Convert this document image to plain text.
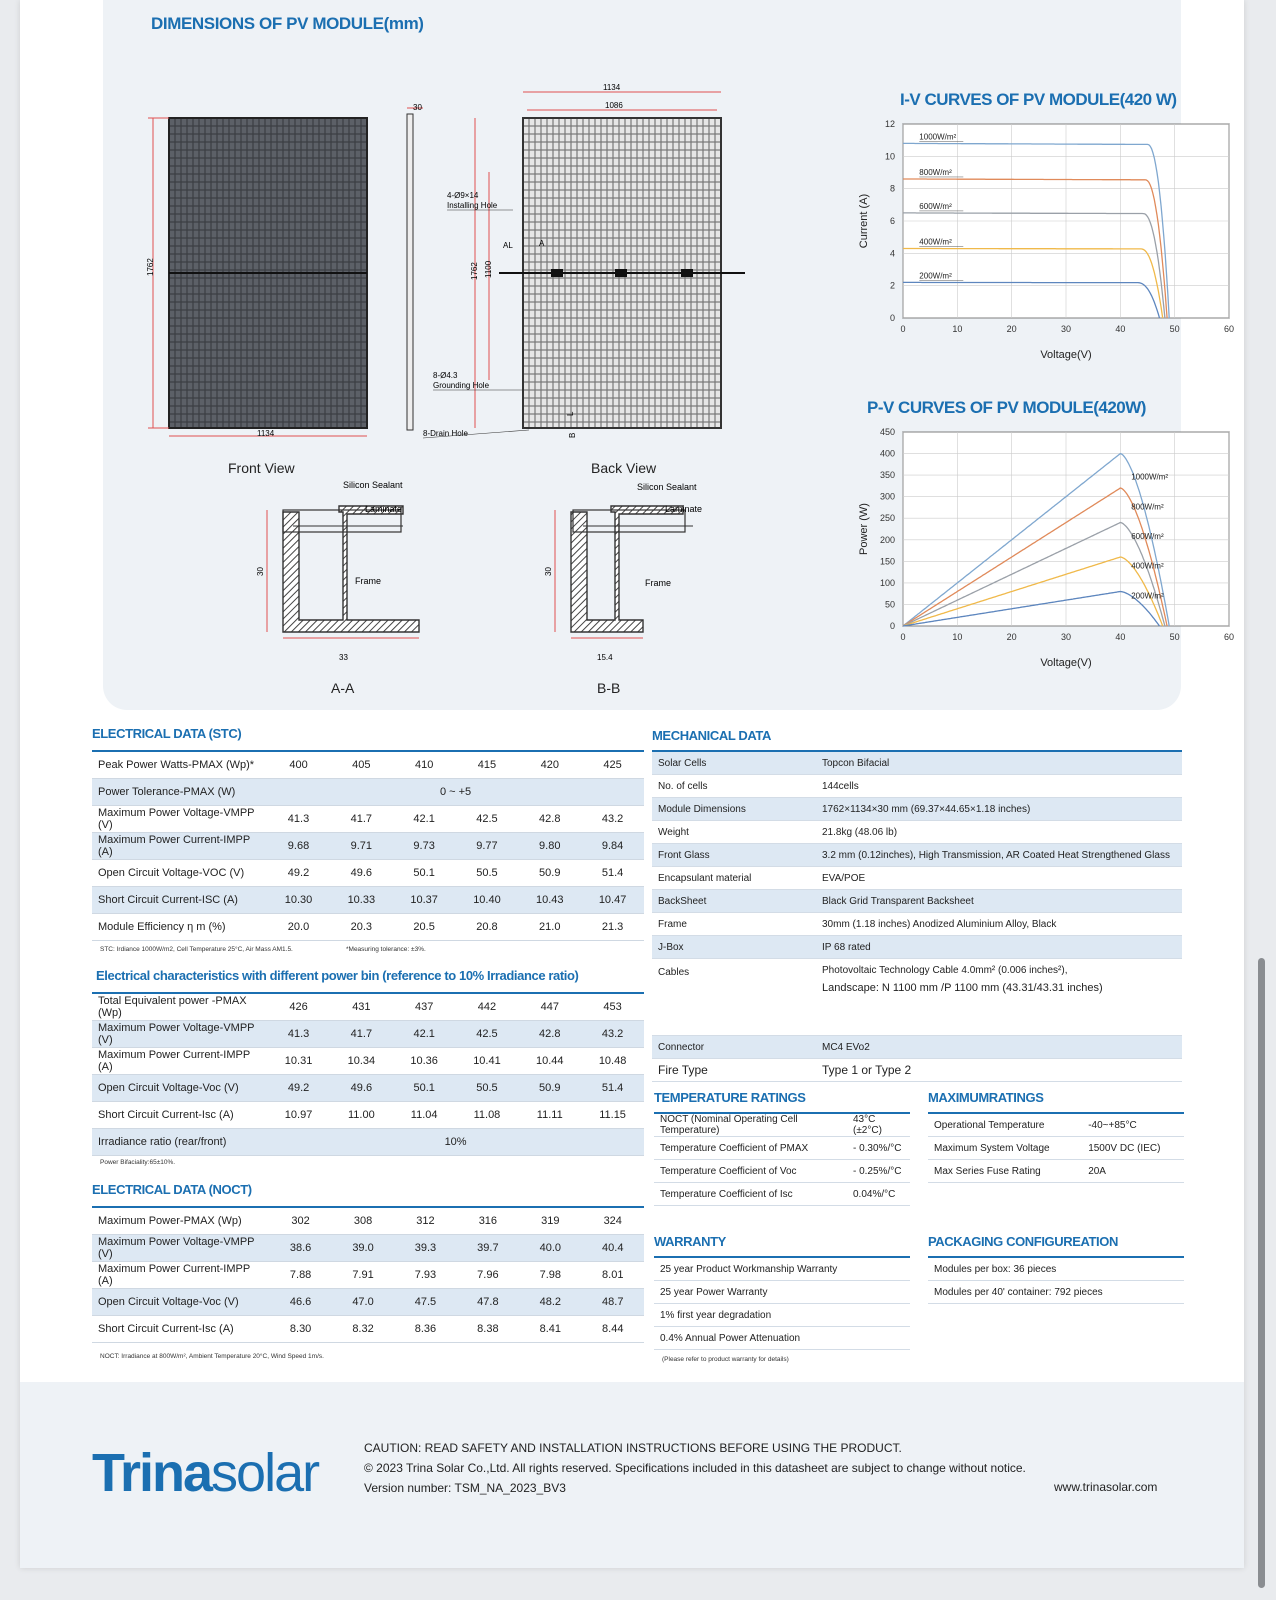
DIMENSIONS OF PV MODULE(mm)
1762
1134
30
1134
1086
1762 1100
AL	A
B
L
4-Ø9×14
Installing Hole
8-Ø4.3
Grounding Hole
8-Drain Hole
30
33
Silicon Sealant
Laminate
Frame
30
15.4
Silicon Sealant
Laminate
Frame
Front View	Back View
A-A	B-B
I-V CURVES OF PV MODULE(420 W)
0	10	20	30	40	50	60
0
2
4
6
8
10
12
Voltage(V)
Current (A)
1000W/m²
800W/m²
600W/m²
400W/m²
200W/m²
P-V CURVES OF PV MODULE(420W)
0	10	20	30	40	50	60
0
50
100
150
200
250
300
350
400
450
Voltage(V)
Power (W)
1000W/m²
800W/m²
600W/m²
400W/m²
200W/m²
ELECTRICAL DATA (STC)
Peak Power Watts-PMAX (Wp)*	400	405	410	415	420	425
Power Tolerance-PMAX (W)	0 ~ +5					
Maximum Power Voltage-VMPP (V)	41.3	41.7	42.1	42.5	42.8	43.2
Maximum Power Current-IMPP (A)	9.68	9.71	9.73	9.77	9.80	9.84
Open Circuit Voltage-VOC (V)	49.2	49.6	50.1	50.5	50.9	51.4
Short Circuit Current-ISC (A)	10.30	10.33	10.37	10.40	10.43	10.47
Module Efficiency η m (%)	20.0	20.3	20.5	20.8	21.0	21.3
STC: Irdiance 1000W/m2, Cell Temperature 25°C, Air Mass AM1.5.	*Measuring tolerance: ±3%.
Electrical characteristics with different power bin (reference to 10% Irradiance ratio)
Total Equivalent power -PMAX (Wp)	426	431	437	442	447	453
Maximum Power Voltage-VMPP (V)	41.3	41.7	42.1	42.5	42.8	43.2
Maximum Power Current-IMPP (A)	10.31	10.34	10.36	10.41	10.44	10.48
Open Circuit Voltage-Voc (V)	49.2	49.6	50.1	50.5	50.9	51.4
Short Circuit Current-Isc (A)	10.97	11.00	11.04	11.08	11.11	11.15
Irradiance ratio (rear/front)	10%					
Power Bifaciality:65±10%.
ELECTRICAL DATA (NOCT)
Maximum Power-PMAX (Wp)	302	308	312	316	319	324
Maximum Power Voltage-VMPP (V)	38.6	39.0	39.3	39.7	40.0	40.4
Maximum Power Current-IMPP (A)	7.88	7.91	7.93	7.96	7.98	8.01
Open Circuit Voltage-Voc (V)	46.6	47.0	47.5	47.8	48.2	48.7
Short Circuit Current-Isc (A)	8.30	8.32	8.36	8.38	8.41	8.44
NOCT: Irradiance at 800W/m², Ambient Temperature 20°C, Wind Speed 1m/s.
MECHANICAL DATA
Solar Cells	Topcon Bifacial

No. of cells	144cells

Module Dimensions	1762×1134×30 mm (69.37×44.65×1.18 inches)

Weight	21.8kg (48.06 lb)

Front Glass	3.2 mm (0.12inches), High Transmission, AR Coated Heat Strengthened Glass

Encapsulant material	EVA/POE

BackSheet	Black Grid Transparent Backsheet

Frame	30mm (1.18 inches) Anodized Aluminium Alloy, Black

J-Box	IP 68 rated

Cables	Photovoltaic Technology Cable 4.0mm² (0.006 inches²),
Landscape: N 1100 mm /P 1100 mm (43.31/43.31 inches)

Connector	MC4 EVo2

Fire Type	Type 1 or Type 2
TEMPERATURE RATINGS
NOCT (Nominal Operating Cell Temperature)	43°C (±2°C)
Temperature Coefficient of PMAX	- 0.30%/°C
Temperature Coefficient of Voc	- 0.25%/°C
Temperature Coefficient of Isc	0.04%/°C
MAXIMUMRATINGS
Operational Temperature	-40~+85°C
Maximum System Voltage	1500V DC (IEC)
Max Series Fuse Rating	20A
WARRANTY
25 year Product Workmanship Warranty
25 year Power Warranty
1% first year degradation
0.4% Annual Power Attenuation
(Please refer to product warranty for details)
PACKAGING CONFIGUREATION
Modules per box: 36 pieces
Modules per 40' container: 792 pieces
Trinasolar	CAUTION: READ SAFETY AND INSTALLATION INSTRUCTIONS BEFORE USING THE PRODUCT.
© 2023 Trina Solar Co.,Ltd. All rights reserved. Specifications included in this datasheet are subject to change without notice.
Version number: TSM_NA_2023_BV3	www.trinasolar.com
